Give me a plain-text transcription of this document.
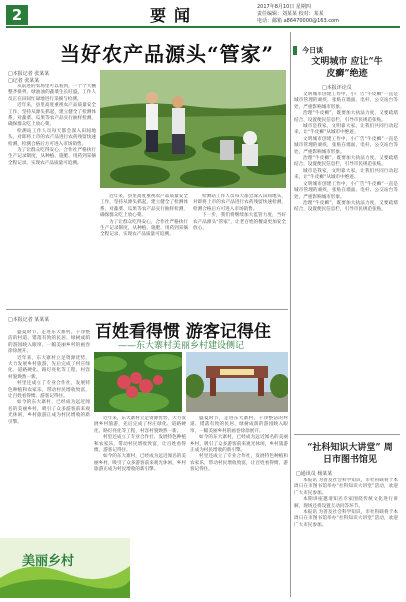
2	要闻	2017年8月10日 星期四
责任编辑：刘某某 校对：某某
电话：邮箱 a86470000@163.com
当好农产品源头“管家”
□本报记者 张某某
□记者 张某某

从前进的农场里可以看到，一个个大棚整齐排列，绿油油的蔬菜生长旺盛，工作人员正在田间忙碌地进行采摘与检测。

近年来，县里高度重视农产品质量安全工作，坚持从源头抓起，建立健全了检测体系，对蔬菜、瓜果等农产品实行抽样检测，确保群众吃上放心菜。

检测站工作人员每天都会深入田间地头，对即将上市的农产品进行农药残留快速检测，检测合格后方可进入市场销售。

为了让群众吃得安心，合作社严格执行生产记录制度，从种植、施肥、用药到采摘全程记录，实现农产品质量可追溯。

近年来，县里高度重视农产品质量安全工作，坚持从源头抓起，建立健全了检测体系，对蔬菜、瓜果等农产品实行抽样检测，确保群众吃上放心菜。

为了让群众吃得安心，合作社严格执行生产记录制度，从种植、施肥、用药到采摘全程记录，实现农产品质量可追溯。

检测站工作人员每天都会深入田间地头，对即将上市的农产品进行农药残留快速检测，检测合格后方可进入市场销售。

下一步，我们将继续加大监管力度，当好农产品源头“管家”，让老百姓的餐桌更加安全放心。

□本报记者 某某某
百姓看得惯 游客记得住
——东大寨村美丽乡村建设侧记

盛夏时节，走进东大寨村，干净整洁的村道、错落有致的民居、绿树成荫的游园映入眼帘，一幅美丽乡村的画卷徐徐展开。

近年来，东大寨村立足资源优势，大力发展乡村旅游，先后完成了村庄绿化、道路硬化、路灯亮化等工程，村容村貌焕然一新。

村里还成立了专业合作社，发展特色种植和农家乐，带动村民增收致富，让百姓看得惯、游客记得住。

如今的东大寨村，已经成为远近闻名的美丽乡村，吸引了众多游客前来观光休闲，乡村旅游正成为村民增收的新引擎。

近年来，东大寨村立足资源优势，大力发展乡村旅游，先后完成了村庄绿化、道路硬化、路灯亮化等工程，村容村貌焕然一新。

村里还成立了专业合作社，发展特色种植和农家乐，带动村民增收致富，让百姓看得惯、游客记得住。

如今的东大寨村，已经成为远近闻名的美丽乡村，吸引了众多游客前来观光休闲，乡村旅游正成为村民增收的新引擎。

盛夏时节，走进东大寨村，干净整洁的村道、错落有致的民居、绿树成荫的游园映入眼帘，一幅美丽乡村的画卷徐徐展开。

如今的东大寨村，已经成为远近闻名的美丽乡村，吸引了众多游客前来观光休闲，乡村旅游正成为村民增收的新引擎。

村里还成立了专业合作社，发展特色种植和农家乐，带动村民增收致富，让百姓看得惯、游客记得住。

美丽乡村
今日谈
文明城市 应让“牛皮癣”绝迹
□本报评论员

文明城市创建工作中，小广告“牛皮癣”一直是城市管理的顽疾，张贴在墙面、电杆、公交站台等处，严重影响城市形象。

治理“牛皮癣”，既要加大执法力度，又要疏堵结合，设置便民信息栏，引导市民规范张贴。

城市是我家，文明靠大家。让我们共同行动起来，让“牛皮癣”从城市中绝迹。

文明城市创建工作中，小广告“牛皮癣”一直是城市管理的顽疾，张贴在墙面、电杆、公交站台等处，严重影响城市形象。

治理“牛皮癣”，既要加大执法力度，又要疏堵结合，设置便民信息栏，引导市民规范张贴。

城市是我家，文明靠大家。让我们共同行动起来，让“牛皮癣”从城市中绝迹。

文明城市创建工作中，小广告“牛皮癣”一直是城市管理的顽疾，张贴在墙面、电杆、公交站台等处，严重影响城市形象。

治理“牛皮癣”，既要加大执法力度，又要疏堵结合，设置便民信息栏，引导市民规范张贴。

“社科知识大讲堂” 周日市图书馆见
□通讯员 杨某某

本报讯 为普及社会科学知识，市社科联将于本周日在市图书馆举办“社科知识大讲堂”活动，欢迎广大市民参加。

本期讲座邀请知名专家围绕传统文化进行讲解，现场还将设置互动问答环节。

本报讯 为普及社会科学知识，市社科联将于本周日在市图书馆举办“社科知识大讲堂”活动，欢迎广大市民参加。
